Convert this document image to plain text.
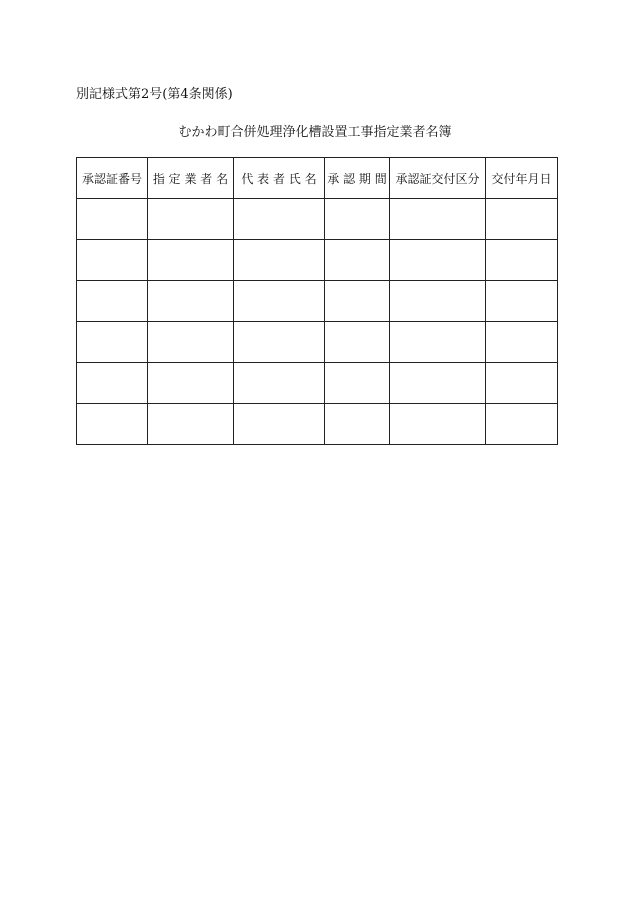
別記様式第2号(第4条関係)
むかわ町合併処理浄化槽設置工事指定業者名簿
承認証番号	指 定 業 者 名	代 表 者 氏 名	承 認 期 間	承認証交付区分	交付年月日
